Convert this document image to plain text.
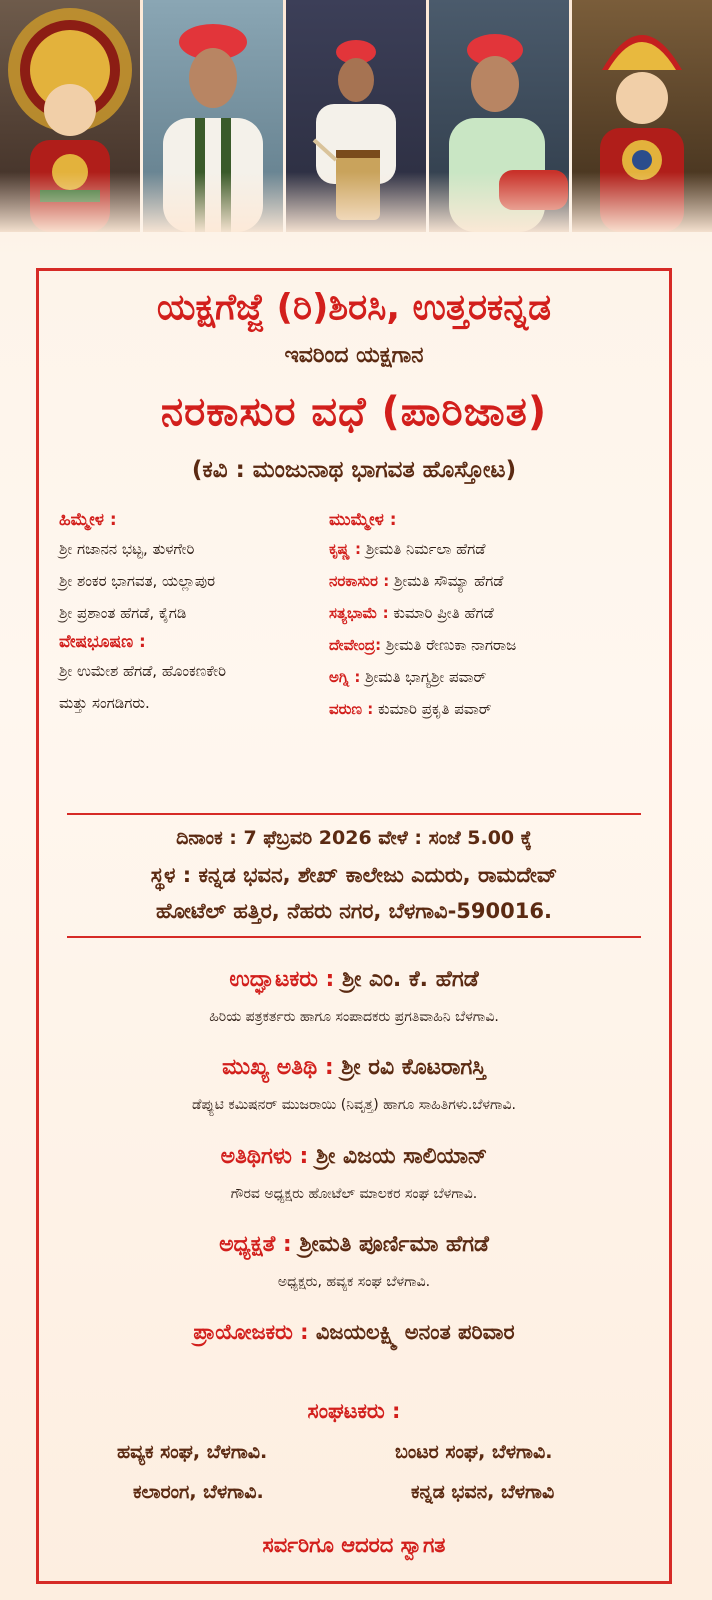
ಯಕ್ಷಗೆಜ್ಜೆ (ರಿ)ಶಿರಸಿ, ಉತ್ತರಕನ್ನಡ
ಇವರಿಂದ ಯಕ್ಷಗಾನ
ನರಕಾಸುರ ವಧೆ (ಪಾರಿಜಾತ)
(ಕವಿ : ಮಂಜುನಾಥ ಭಾಗವತ ಹೊಸ್ತೋಟ)
ಹಿಮ್ಮೇಳ :
ಶ್ರೀ ಗಜಾನನ ಭಟ್ಟ, ತುಳಗೇರಿ
ಶ್ರೀ ಶಂಕರ ಭಾಗವತ, ಯಲ್ಲಾಪುರ
ಶ್ರೀ ಪ್ರಶಾಂತ ಹೆಗಡೆ, ಕೈಗಡಿ
ವೇಷಭೂಷಣ :
ಶ್ರೀ ಉಮೇಶ ಹೆಗಡೆ, ಹೊಂಕಣಕೇರಿ
ಮತ್ತು ಸಂಗಡಿಗರು.
ಮುಮ್ಮೇಳ :
ಕೃಷ್ಣ : ಶ್ರೀಮತಿ ನಿರ್ಮಲಾ ಹೆಗಡೆ
ನರಕಾಸುರ : ಶ್ರೀಮತಿ ಸೌಮ್ಯಾ ಹೆಗಡೆ
ಸತ್ಯಭಾಮೆ : ಕುಮಾರಿ ಪ್ರೀತಿ ಹೆಗಡೆ
ದೇವೇಂದ್ರ: ಶ್ರೀಮತಿ ರೇಣುಕಾ ನಾಗರಾಜ
ಅಗ್ನಿ : ಶ್ರೀಮತಿ ಭಾಗ್ಯಶ್ರೀ ಪವಾರ್
ವರುಣ : ಕುಮಾರಿ ಪ್ರಕೃತಿ ಪವಾರ್
ದಿನಾಂಕ : 7 ಫೆಬ್ರವರಿ 2026 ವೇಳೆ : ಸಂಜೆ 5.00 ಕ್ಕೆ
ಸ್ಥಳ : ಕನ್ನಡ ಭವನ, ಶೇಖ್ ಕಾಲೇಜು ಎದುರು, ರಾಮದೇವ್
ಹೋಟೆಲ್ ಹತ್ತಿರ, ನೆಹರು ನಗರ, ಬೆಳಗಾವಿ-590016.
ಉದ್ಘಾಟಕರು : ಶ್ರೀ ಎಂ. ಕೆ. ಹೆಗಡೆ
ಹಿರಿಯ ಪತ್ರಕರ್ತರು ಹಾಗೂ ಸಂಪಾದಕರು ಪ್ರಗತಿವಾಹಿನಿ ಬೆಳಗಾವಿ.
ಮುಖ್ಯ ಅತಿಥಿ : ಶ್ರೀ ರವಿ ಕೊಟರಾಗಸ್ತಿ
ಡೆಪ್ಯುಟಿ ಕಮಿಷನರ್ ಮುಜರಾಯಿ (ನಿವೃತ್ತ) ಹಾಗೂ ಸಾಹಿತಿಗಳು.ಬೆಳಗಾವಿ.
ಅತಿಥಿಗಳು : ಶ್ರೀ ವಿಜಯ ಸಾಲಿಯಾನ್
ಗೌರವ ಅಧ್ಯಕ್ಷರು ಹೋಟೆಲ್ ಮಾಲಕರ ಸಂಘ ಬೆಳಗಾವಿ.
ಅಧ್ಯಕ್ಷತೆ : ಶ್ರೀಮತಿ ಪೂರ್ಣಿಮಾ ಹೆಗಡೆ
ಅಧ್ಯಕ್ಷರು, ಹವ್ಯಕ ಸಂಘ ಬೆಳಗಾವಿ.
ಪ್ರಾಯೋಜಕರು : ವಿಜಯಲಕ್ಷ್ಮಿ ಅನಂತ ಪರಿವಾರ
ಸಂಘಟಕರು :
ಹವ್ಯಕ ಸಂಘ, ಬೆಳಗಾವಿ.	ಬಂಟರ ಸಂಘ, ಬೆಳಗಾವಿ.
ಕಲಾರಂಗ, ಬೆಳಗಾವಿ.	ಕನ್ನಡ ಭವನ, ಬೆಳಗಾವಿ
ಸರ್ವರಿಗೂ ಆದರದ ಸ್ವಾಗತ
